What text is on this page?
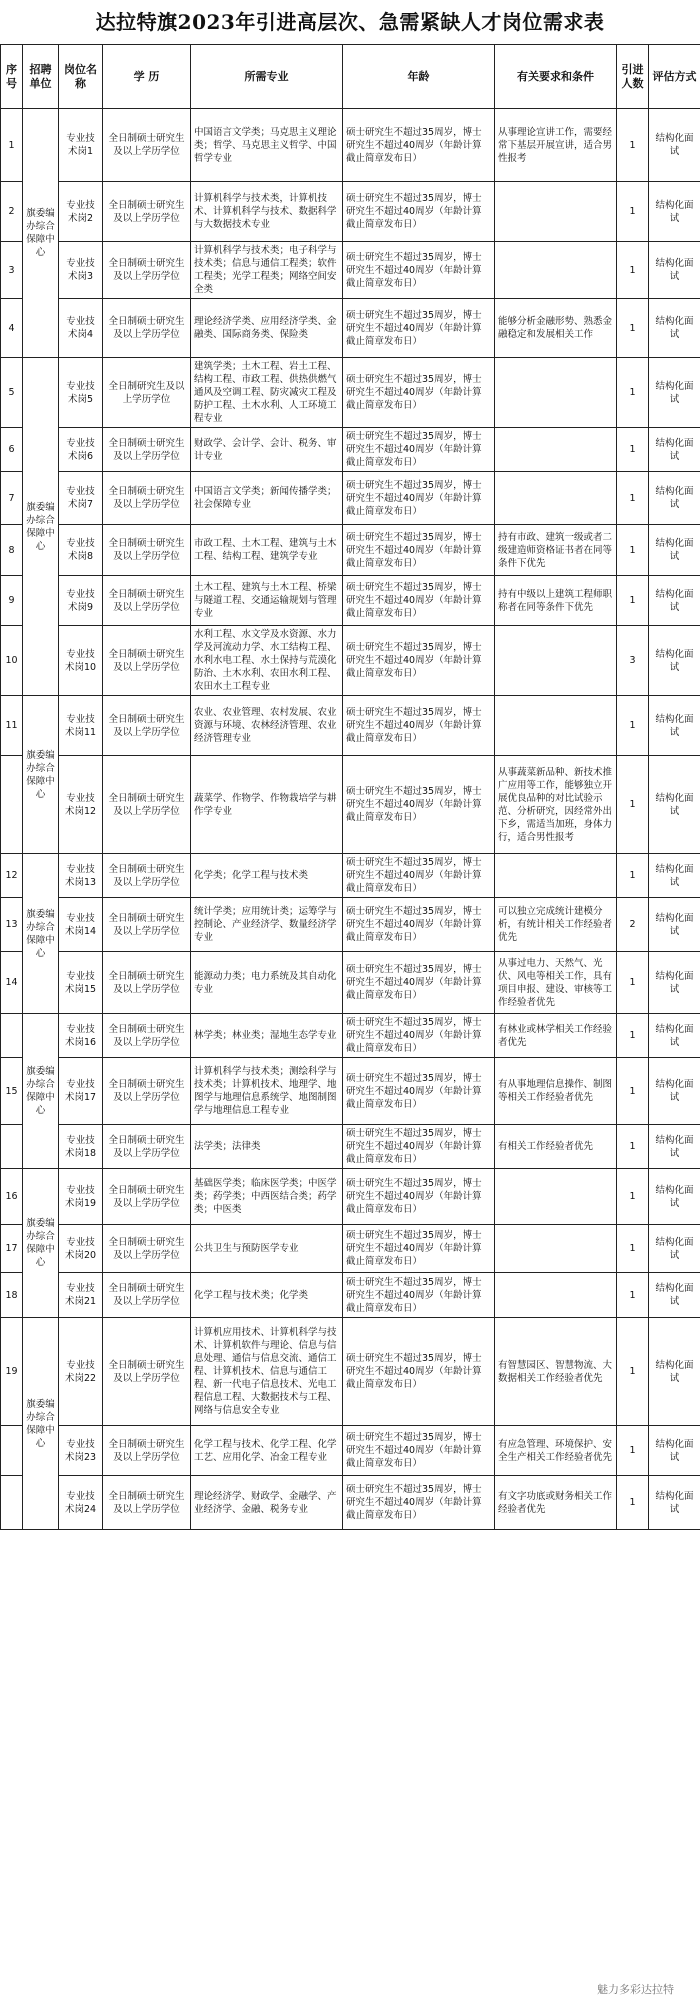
达拉特旗2023年引进高层次、急需紧缺人才岗位需求表
序号	招聘单位	岗位名称	学 历	所需专业	年龄	有关要求和条件	引进人数	评估方式
1	旗委编办综合保障中心	专业技术岗1	全日制硕士研究生及以上学历学位	中国语言文学类；马克思主义理论类；哲学、马克思主义哲学、中国哲学专业	硕士研究生不超过35周岁，博士研究生不超过40周岁（年龄计算截止简章发布日）	从事理论宣讲工作，需要经常下基层开展宣讲，适合男性报考	1	结构化面试
2		专业技术岗2	全日制硕士研究生及以上学历学位	计算机科学与技术类，计算机技术、计算机科学与技术、数据科学与大数据技术专业	硕士研究生不超过35周岁，博士研究生不超过40周岁（年龄计算截止简章发布日）		1	结构化面试
3		专业技术岗3	全日制硕士研究生及以上学历学位	计算机科学与技术类；电子科学与技术类；信息与通信工程类；软件工程类；光学工程类；网络空间安全类	硕士研究生不超过35周岁，博士研究生不超过40周岁（年龄计算截止简章发布日）		1	结构化面试
4		专业技术岗4	全日制硕士研究生及以上学历学位	理论经济学类、应用经济学类、金融类、国际商务类、保险类	硕士研究生不超过35周岁，博士研究生不超过40周岁（年龄计算截止简章发布日）	能够分析金融形势、熟悉金融稳定和发展相关工作	1	结构化面试
5	旗委编办综合保障中心	专业技术岗5	全日制研究生及以上学历学位	建筑学类；土木工程、岩土工程、结构工程、市政工程、供热供燃气通风及空调工程、防灾减灾工程及防护工程、土木水利、人工环境工程专业	硕士研究生不超过35周岁，博士研究生不超过40周岁（年龄计算截止简章发布日）		1	结构化面试
6		专业技术岗6	全日制硕士研究生及以上学历学位	财政学、会计学、会计、税务、审计专业	硕士研究生不超过35周岁，博士研究生不超过40周岁（年龄计算截止简章发布日）		1	结构化面试
7		专业技术岗7	全日制硕士研究生及以上学历学位	中国语言文学类；新闻传播学类；社会保障专业	硕士研究生不超过35周岁，博士研究生不超过40周岁（年龄计算截止简章发布日）		1	结构化面试
8		专业技术岗8	全日制硕士研究生及以上学历学位	市政工程、土木工程、建筑与土木工程、结构工程、建筑学专业	硕士研究生不超过35周岁，博士研究生不超过40周岁（年龄计算截止简章发布日）	持有市政、建筑一级或者二级建造师资格证书者在同等条件下优先	1	结构化面试
9		专业技术岗9	全日制硕士研究生及以上学历学位	土木工程、建筑与土木工程、桥梁与隧道工程、交通运输规划与管理专业	硕士研究生不超过35周岁，博士研究生不超过40周岁（年龄计算截止简章发布日）	持有中级以上建筑工程师职称者在同等条件下优先	1	结构化面试
10		专业技术岗10	全日制硕士研究生及以上学历学位	水利工程、水文学及水资源、水力学及河流动力学、水工结构工程、水利水电工程、水土保持与荒漠化防治、土木水利、农田水利工程、农田水土工程专业	硕士研究生不超过35周岁，博士研究生不超过40周岁（年龄计算截止简章发布日）		3	结构化面试
11	旗委编办综合保障中心	专业技术岗11	全日制硕士研究生及以上学历学位	农业、农业管理、农村发展、农业资源与环境、农林经济管理、农业经济管理专业	硕士研究生不超过35周岁，博士研究生不超过40周岁（年龄计算截止简章发布日）		1	结构化面试
		专业技术岗12	全日制硕士研究生及以上学历学位	蔬菜学、作物学、作物栽培学与耕作学专业	硕士研究生不超过35周岁，博士研究生不超过40周岁（年龄计算截止简章发布日）	从事蔬菜新品种、新技术推广应用等工作，能够独立开展优良品种的对比试验示范、分析研究，因经常外出下乡，需适当加班，身体力行，适合男性报考	1	结构化面试
12	旗委编办综合保障中心	专业技术岗13	全日制硕士研究生及以上学历学位	化学类；化学工程与技术类	硕士研究生不超过35周岁，博士研究生不超过40周岁（年龄计算截止简章发布日）		1	结构化面试
13		专业技术岗14	全日制硕士研究生及以上学历学位	统计学类；应用统计类；运筹学与控制论、产业经济学、数量经济学专业	硕士研究生不超过35周岁，博士研究生不超过40周岁（年龄计算截止简章发布日）	可以独立完成统计建模分析，有统计相关工作经验者优先	2	结构化面试
14		专业技术岗15	全日制硕士研究生及以上学历学位	能源动力类；电力系统及其自动化专业	硕士研究生不超过35周岁，博士研究生不超过40周岁（年龄计算截止简章发布日）	从事过电力、天然气、光伏、风电等相关工作，具有项目申报、建设、审核等工作经验者优先	1	结构化面试
	旗委编办综合保障中心	专业技术岗16	全日制硕士研究生及以上学历学位	林学类；林业类；湿地生态学专业	硕士研究生不超过35周岁，博士研究生不超过40周岁（年龄计算截止简章发布日）	有林业或林学相关工作经验者优先	1	结构化面试
15		专业技术岗17	全日制硕士研究生及以上学历学位	计算机科学与技术类；测绘科学与技术类；计算机技术、地理学、地图学与地理信息系统学、地图制图学与地理信息工程专业	硕士研究生不超过35周岁，博士研究生不超过40周岁（年龄计算截止简章发布日）	有从事地理信息操作、制图等相关工作经验者优先	1	结构化面试
		专业技术岗18	全日制硕士研究生及以上学历学位	法学类；法律类	硕士研究生不超过35周岁，博士研究生不超过40周岁（年龄计算截止简章发布日）	有相关工作经验者优先	1	结构化面试
16	旗委编办综合保障中心	专业技术岗19	全日制硕士研究生及以上学历学位	基础医学类；临床医学类；中医学类；药学类；中西医结合类；药学类；中医类	硕士研究生不超过35周岁，博士研究生不超过40周岁（年龄计算截止简章发布日）		1	结构化面试
17		专业技术岗20	全日制硕士研究生及以上学历学位	公共卫生与预防医学专业	硕士研究生不超过35周岁，博士研究生不超过40周岁（年龄计算截止简章发布日）		1	结构化面试
18		专业技术岗21	全日制硕士研究生及以上学历学位	化学工程与技术类；化学类	硕士研究生不超过35周岁，博士研究生不超过40周岁（年龄计算截止简章发布日）		1	结构化面试
19	旗委编办综合保障中心	专业技术岗22	全日制硕士研究生及以上学历学位	计算机应用技术、计算机科学与技术、计算机软件与理论、信息与信息处理、通信与信息交流、通信工程、计算机技术、信息与通信工程、新一代电子信息技术、光电工程信息工程、大数据技术与工程、网络与信息安全专业	硕士研究生不超过35周岁，博士研究生不超过40周岁（年龄计算截止简章发布日）	有智慧园区、智慧物流、大数据相关工作经验者优先	1	结构化面试
		专业技术岗23	全日制硕士研究生及以上学历学位	化学工程与技术、化学工程、化学工艺、应用化学、冶金工程专业	硕士研究生不超过35周岁，博士研究生不超过40周岁（年龄计算截止简章发布日）	有应急管理、环境保护、安全生产相关工作经验者优先	1	结构化面试
		专业技术岗24	全日制硕士研究生及以上学历学位	理论经济学、财政学、金融学、产业经济学、金融、税务专业	硕士研究生不超过35周岁，博士研究生不超过40周岁（年龄计算截止简章发布日）	有文字功底或财务相关工作经验者优先	1	结构化面试
魅力多彩达拉特
